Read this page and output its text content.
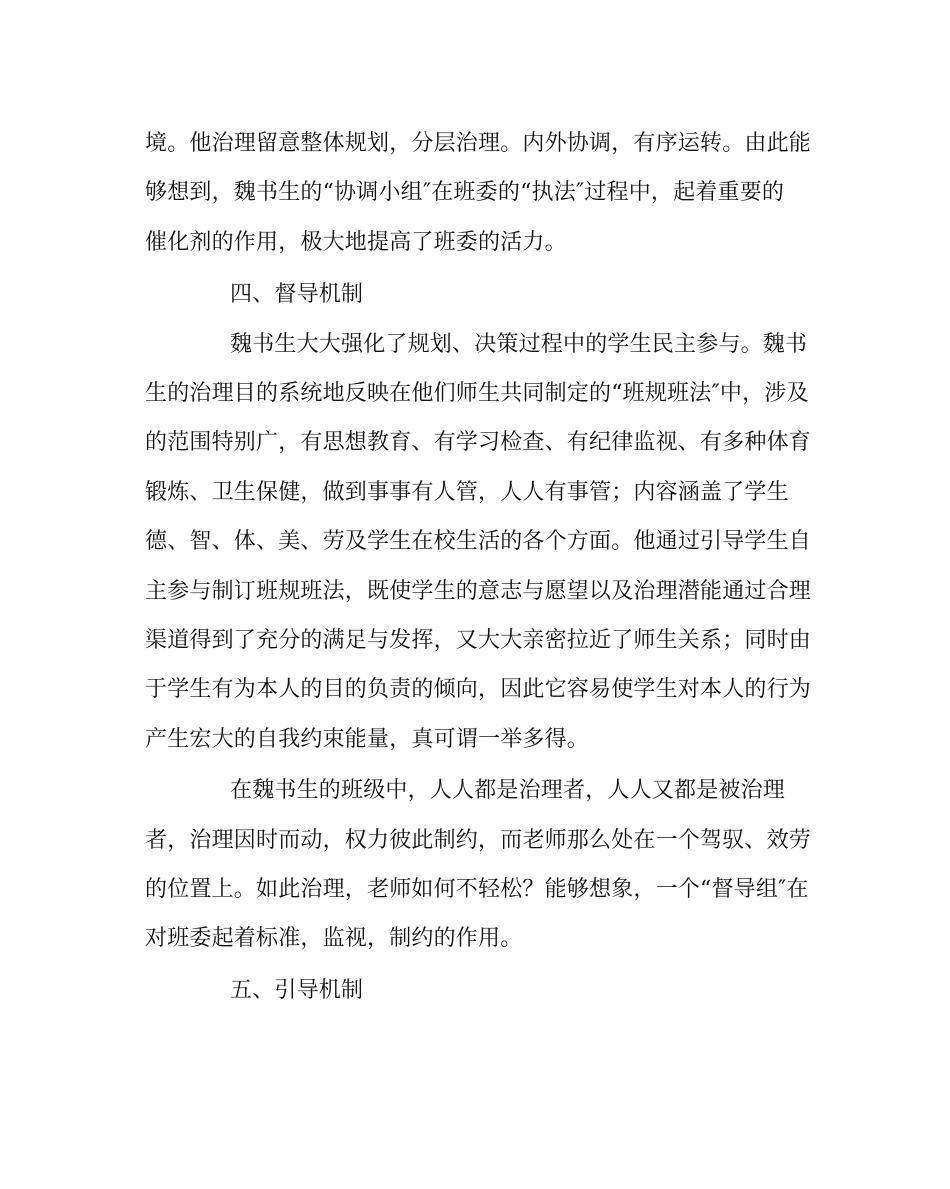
境。他治理留意整体规划，分层治理。内外协调，有序运转。由此能
够想到，魏书生的“协调小组″在班委的“执法″过程中，起着重要的
催化剂的作用，极大地提高了班委的活力。
四、督导机制
魏书生大大强化了规划、决策过程中的学生民主参与。魏书
生的治理目的系统地反映在他们师生共同制定的“班规班法″中，涉及
的范围特别广，有思想教育、有学习检查、有纪律监视、有多种体育
锻炼、卫生保健，做到事事有人管，人人有事管；内容涵盖了学生
德、智、体、美、劳及学生在校生活的各个方面。他通过引导学生自
主参与制订班规班法，既使学生的意志与愿望以及治理潜能通过合理
渠道得到了充分的满足与发挥，又大大亲密拉近了师生关系；同时由
于学生有为本人的目的负责的倾向，因此它容易使学生对本人的行为
产生宏大的自我约束能量，真可谓一举多得。
在魏书生的班级中，人人都是治理者，人人又都是被治理
者，治理因时而动，权力彼此制约，而老师那么处在一个驾驭、效劳
的位置上。如此治理，老师如何不轻松？能够想象，一个“督导组″在
对班委起着标准，监视，制约的作用。
五、引导机制
